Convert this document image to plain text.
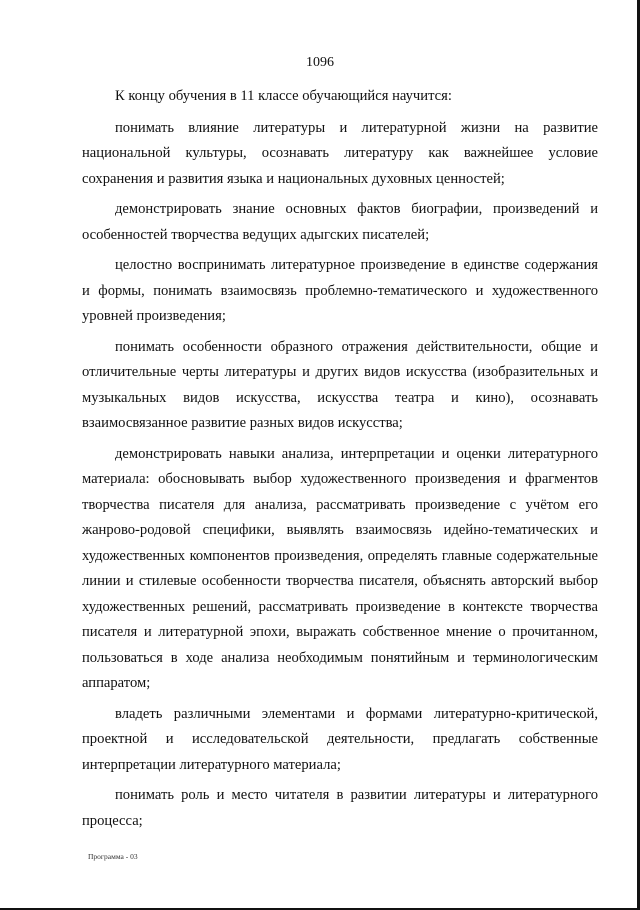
1096

К концу обучения в 11 классе обучающийся научится:

понимать влияние литературы и литературной жизни на развитие национальной культуры, осознавать литературу как важнейшее условие сохранения и развития языка и национальных духовных ценностей;

демонстрировать знание основных фактов биографии, произведений и особенностей творчества ведущих адыгских писателей;

целостно воспринимать литературное произведение в единстве содержания и формы, понимать взаимосвязь проблемно-тематического и художественного уровней произведения;

понимать особенности образного отражения действительности, общие и отличительные черты литературы и других видов искусства (изобразительных и музыкальных видов искусства, искусства театра и кино), осознавать взаимосвязанное развитие разных видов искусства;

демонстрировать навыки анализа, интерпретации и оценки литературного материала: обосновывать выбор художественного произведения и фрагментов творчества писателя для анализа, рассматривать произведение с учётом его жанрово-родовой специфики, выявлять взаимосвязь идейно-тематических и художественных компонентов произведения, определять главные содержательные линии и стилевые особенности творчества писателя, объяснять авторский выбор художественных решений, рассматривать произведение в контексте творчества писателя и литературной эпохи, выражать собственное мнение о прочитанном, пользоваться в ходе анализа необходимым понятийным и терминологическим аппаратом;

владеть различными элементами и формами литературно-критической, проектной и исследовательской деятельности, предлагать собственные интерпретации литературного материала;

понимать роль и место читателя в развитии литературы и литературного процесса;

Программа - 03
